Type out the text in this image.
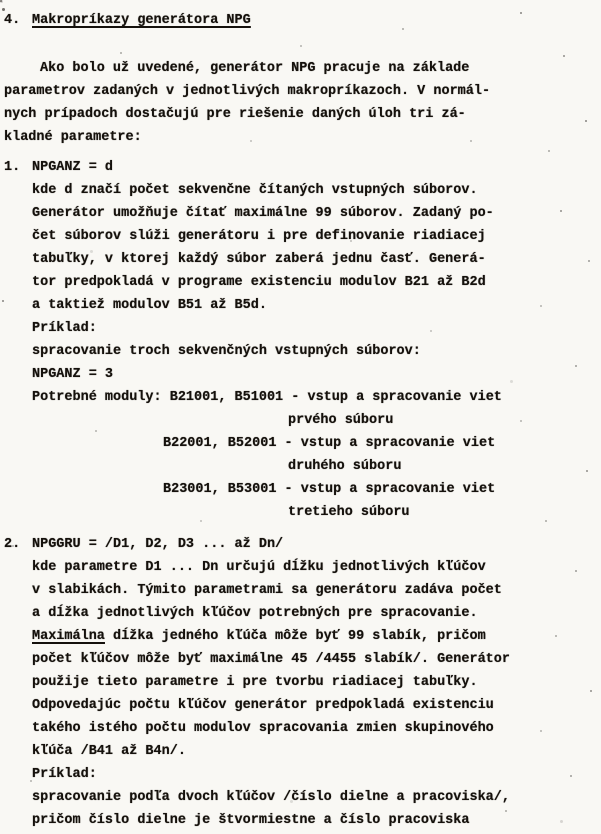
4. Makropríkazy generátora NPG
Ako bolo už uvedené, generátor NPG pracuje na základe
parametrov zadaných v jednotlivých makropríkazoch. V normál-
nych prípadoch dostačujú pre riešenie daných úloh tri zá-
kladné parametre:
1. NPGANZ = d
kde d značí počet sekvenčne čítaných vstupných súborov.
Generátor umožňuje čítať maximálne 99 súborov. Zadaný po-
čet súborov slúži generátoru i pre definovanie riadiacej
tabuľky, v ktorej každý súbor zaberá jednu časť. Generá-
tor predpokladá v programe existenciu modulov B21 až B2d
a taktiež modulov B51 až B5d.
Príklad:
spracovanie troch sekvenčných vstupných súborov:
NPGANZ = 3
Potrebné moduly: B21001, B51001 - vstup a spracovanie viet
prvého súboru
B22001, B52001 - vstup a spracovanie viet
druhého súboru
B23001, B53001 - vstup a spracovanie viet
tretieho súboru
2. NPGGRU = /D1, D2, D3 ... až Dn/
kde parametre D1 ... Dn určujú dĺžku jednotlivých kľúčov
v slabikách. Týmito parametrami sa generátoru zadáva počet
a dĺžka jednotlivých kľúčov potrebných pre spracovanie.
Maximálna dĺžka jedného kľúča môže byť 99 slabík, pričom
počet kľúčov môže byť maximálne 45 /4455 slabík/. Generátor
použije tieto parametre i pre tvorbu riadiacej tabuľky.
Odpovedajúc počtu kľúčov generátor predpokladá existenciu
takého istého počtu modulov spracovania zmien skupinového
kľúča /B41 až B4n/.
Príklad:
spracovanie podľa dvoch kľúčov /číslo dielne a pracoviska/,
pričom číslo dielne je štvormiestne a číslo pracoviska
